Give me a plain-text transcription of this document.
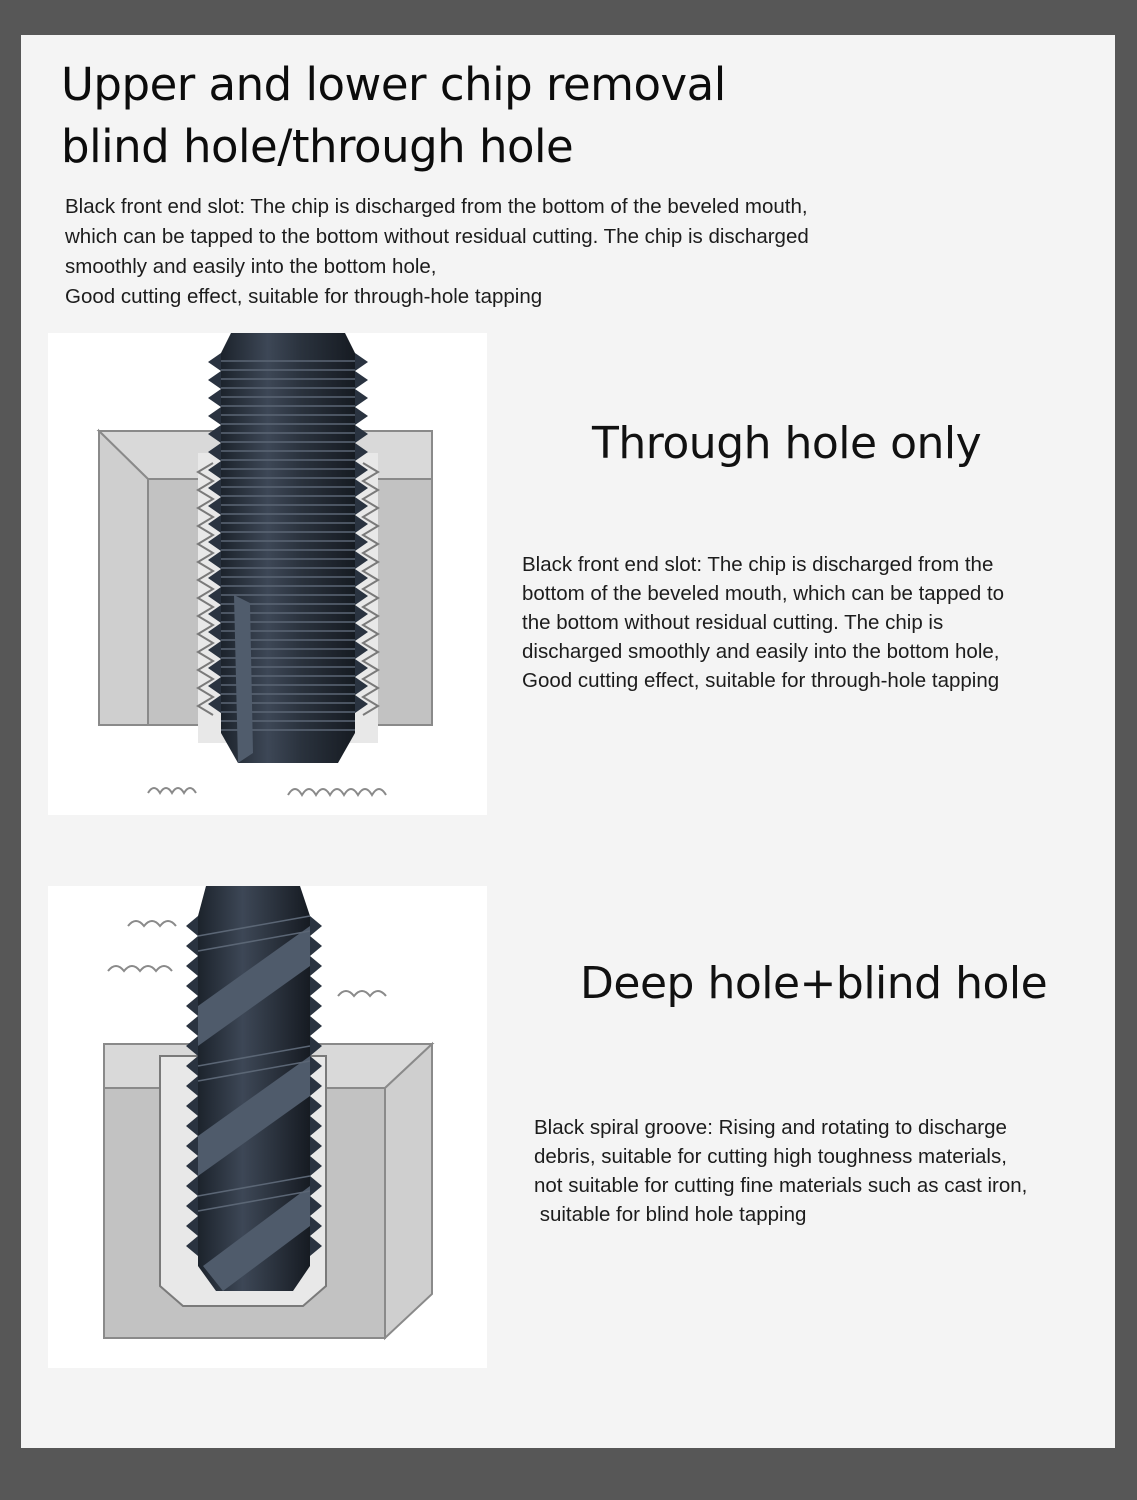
Upper and lower chip removal
blind hole/through hole
Black front end slot: The chip is discharged from the bottom of the beveled mouth,
which can be tapped to the bottom without residual cutting. The chip is discharged
smoothly and easily into the bottom hole,
Good cutting effect, suitable for through-hole tapping
Through hole only
Black front end slot: The chip is discharged from the
bottom of the beveled mouth, which can be tapped to
the bottom without residual cutting. The chip is
discharged smoothly and easily into the bottom hole,
Good cutting effect, suitable for through-hole tapping
Deep hole+blind hole
Black spiral groove: Rising and rotating to discharge
debris, suitable for cutting high toughness materials,
not suitable for cutting fine materials such as cast iron,
suitable for blind hole tapping
